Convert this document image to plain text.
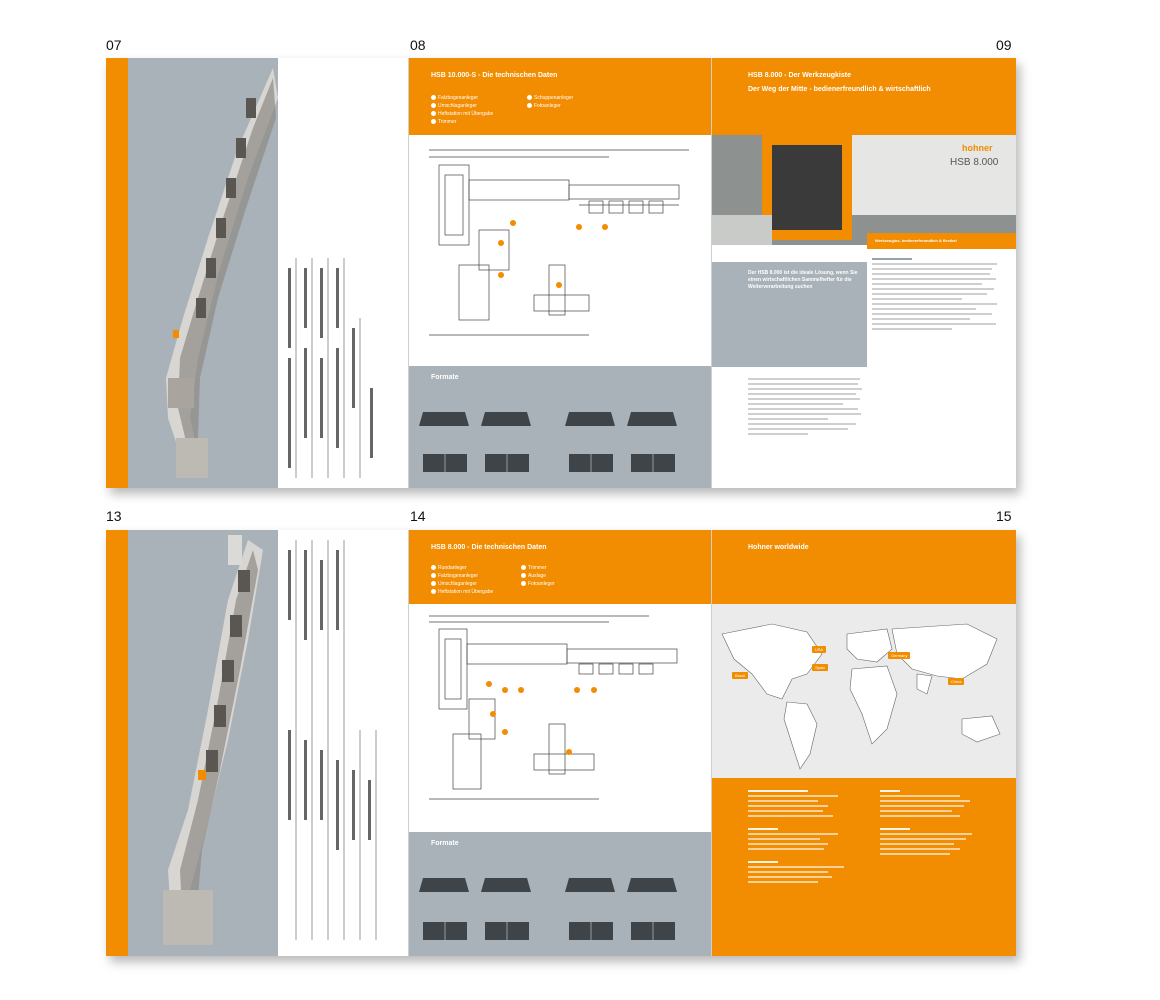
07	08	09
13	14	15
HSB 10.000-S - Die technischen Daten
Falzbogenanleger
Umschlaganleger
Heftstation mit Übergabe
Trimmer
Schuppenanleger
Fotoanleger
Formate
HSB 8.000 - Der Werkzeugkiste
Der Weg der Mitte - bedienerfreundlich & wirtschaftlich
hohner
HSB 8.000
Werkzeuglos, bedienerfreundlich & flexibel
Der HSB 8.000 ist die ideale Lösung, wenn Sie einen wirtschaftlichen Sammelhefter für die Weiterverarbeitung suchen
HSB 8.000 - Die technischen Daten
Rundanleger
Falzbogenanleger
Umschlaganleger
Heftstation mit Übergabe
Trimmer
Auslage
Fotoanleger
Formate
Hohner worldwide
USA
Germany
Spain
Brazil
China
